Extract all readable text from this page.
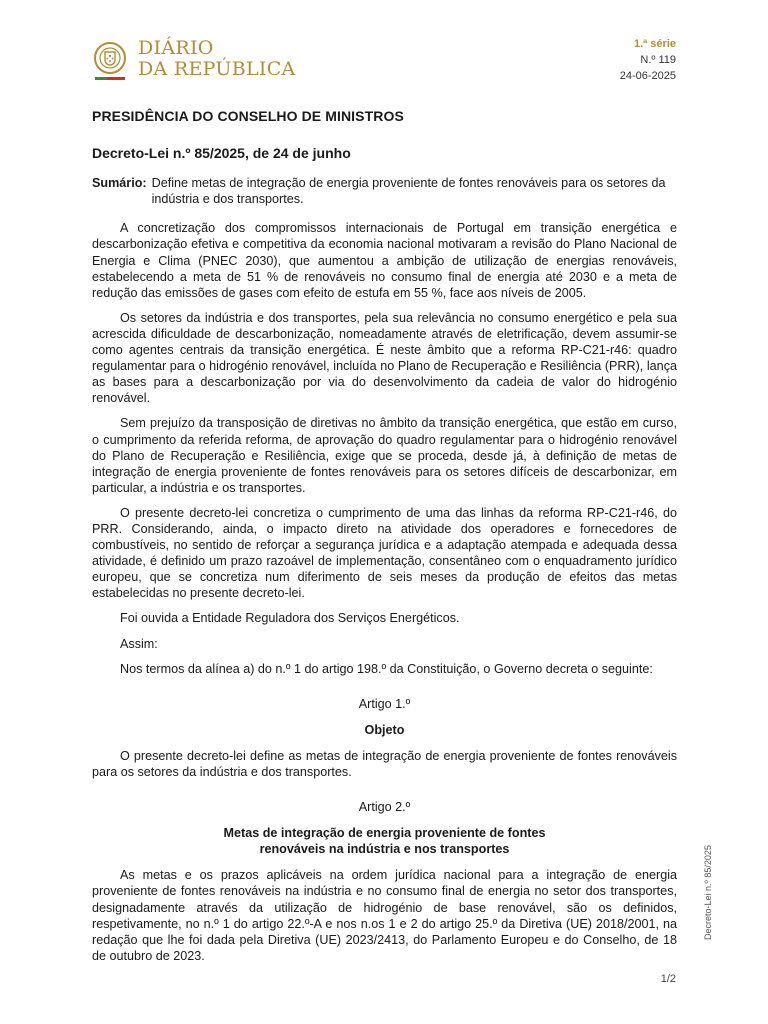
DIÁRIO
DA REPÚBLICA
1.ª série
N.º 119
24-06-2025
PRESIDÊNCIA DO CONSELHO DE MINISTROS
Decreto-Lei n.º 85/2025, de 24 de junho
Sumário: Define metas de integração de energia proveniente de fontes renováveis para os setores da indústria e dos transportes.

A concretização dos compromissos internacionais de Portugal em transição energética e descarbonização efetiva e competitiva da economia nacional motivaram a revisão do Plano Nacional de Energia e Clima (PNEC 2030), que aumentou a ambição de utilização de energias renováveis, estabelecendo a meta de 51 % de renováveis no consumo final de energia até 2030 e a meta de redução das emissões de gases com efeito de estufa em 55 %, face aos níveis de 2005.

Os setores da indústria e dos transportes, pela sua relevância no consumo energético e pela sua acrescida dificuldade de descarbonização, nomeadamente através de eletrificação, devem assumir-se como agentes centrais da transição energética. É neste âmbito que a reforma RP-C21-r46: quadro regulamentar para o hidrogénio renovável, incluída no Plano de Recuperação e Resiliência (PRR), lança as bases para a descarbonização por via do desenvolvimento da cadeia de valor do hidrogénio renovável.

Sem prejuízo da transposição de diretivas no âmbito da transição energética, que estão em curso, o cumprimento da referida reforma, de aprovação do quadro regulamentar para o hidrogénio renovável do Plano de Recuperação e Resiliência, exige que se proceda, desde já, à definição de metas de integração de energia proveniente de fontes renováveis para os setores difíceis de descarbonizar, em particular, a indústria e os transportes.

O presente decreto-lei concretiza o cumprimento de uma das linhas da reforma RP-C21-r46, do PRR. Considerando, ainda, o impacto direto na atividade dos operadores e fornecedores de combustíveis, no sentido de reforçar a segurança jurídica e a adaptação atempada e adequada dessa atividade, é definido um prazo razoável de implementação, consentâneo com o enquadramento jurídico europeu, que se concretiza num diferimento de seis meses da produção de efeitos das metas estabelecidas no presente decreto-lei.

Foi ouvida a Entidade Reguladora dos Serviços Energéticos.

Assim:

Nos termos da alínea a) do n.º 1 do artigo 198.º da Constituição, o Governo decreta o seguinte:

Artigo 1.º
Objeto

O presente decreto-lei define as metas de integração de energia proveniente de fontes renováveis para os setores da indústria e dos transportes.

Artigo 2.º
Metas de integração de energia proveniente de fontes
renováveis na indústria e nos transportes

As metas e os prazos aplicáveis na ordem jurídica nacional para a integração de energia proveniente de fontes renováveis na indústria e no consumo final de energia no setor dos transportes, designadamente através da utilização de hidrogénio de base renovável, são os definidos, respetivamente, no n.º 1 do artigo 22.º-A e nos n.os 1 e 2 do artigo 25.º da Diretiva (UE) 2018/2001, na redação que lhe foi dada pela Diretiva (UE) 2023/2413, do Parlamento Europeu e do Conselho, de 18 de outubro de 2023.

Decreto-Lei n.º 85/2025
1/2
